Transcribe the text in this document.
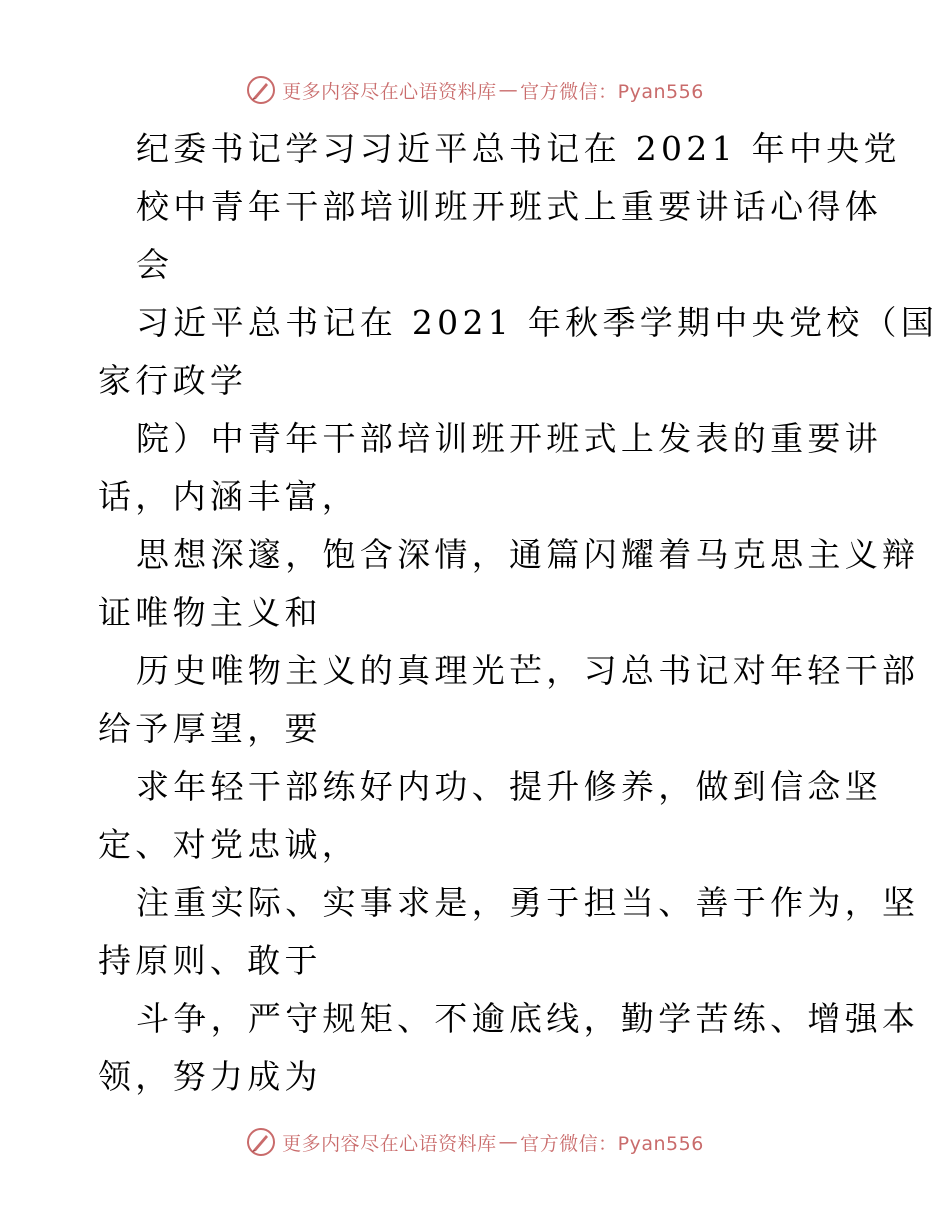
更多内容尽在心语资料库 — 官方微信：Pyan556
纪委书记学习习近平总书记在 2021 年中央党
校中青年干部培训班开班式上重要讲话心得体
会
习近平总书记在 2021 年秋季学期中央党校（国
家行政学
院）中青年干部培训班开班式上发表的重要讲
话，内涵丰富，
思想深邃，饱含深情，通篇闪耀着马克思主义辩
证唯物主义和
历史唯物主义的真理光芒，习总书记对年轻干部
给予厚望，要
求年轻干部练好内功、提升修养，做到信念坚
定、对党忠诚，
注重实际、实事求是，勇于担当、善于作为，坚
持原则、敢于
斗争，严守规矩、不逾底线，勤学苦练、增强本
领，努力成为
更多内容尽在心语资料库 — 官方微信：Pyan556
